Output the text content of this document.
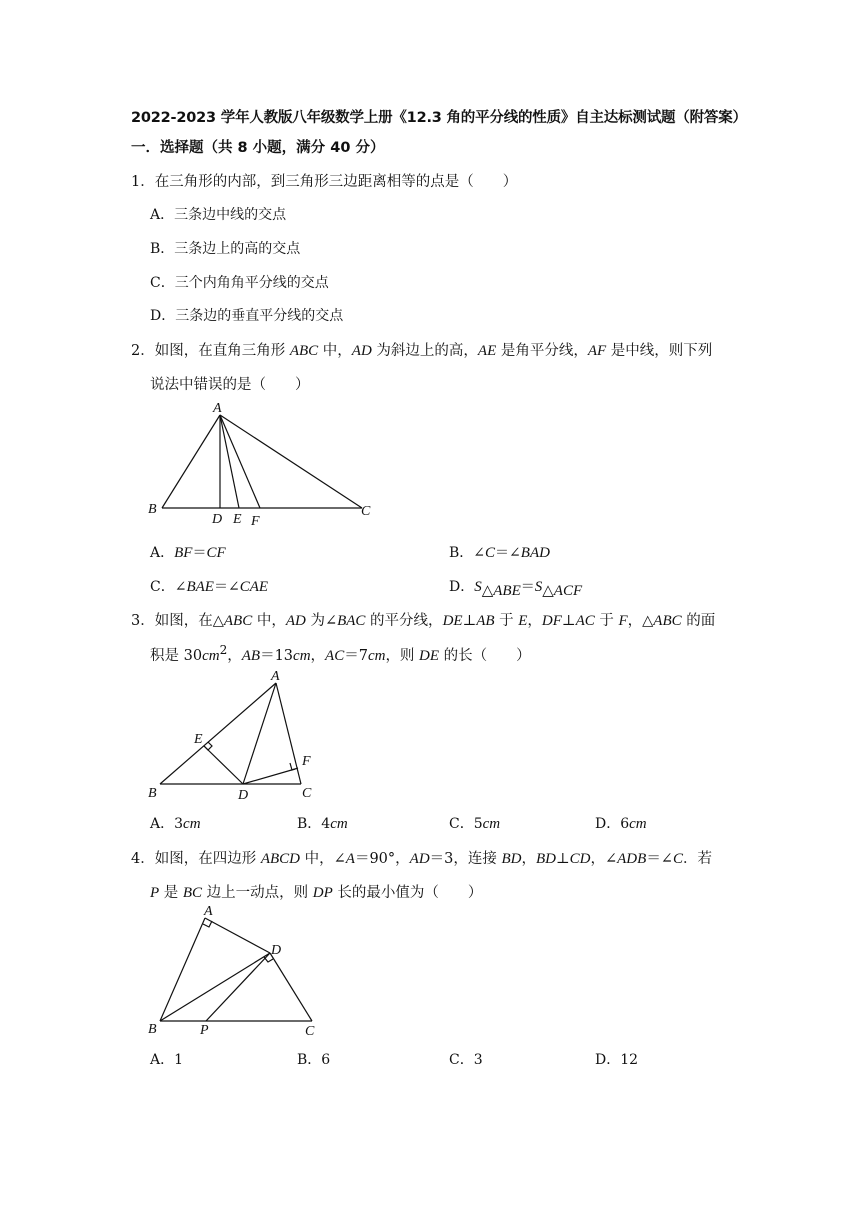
2022-2023 学年人教版八年级数学上册《12.3 角的平分线的性质》自主达标测试题（附答案）
一．选择题（共 8 小题，满分 40 分）
1．在三角形的内部，到三角形三边距离相等的点是（　　）
A．三条边中线的交点
B．三条边上的高的交点
C．三个内角角平分线的交点
D．三条边的垂直平分线的交点
2．如图，在直角三角形 ABC 中，AD 为斜边上的高，AE 是角平分线，AF 是中线，则下列
说法中错误的是（　　）
A
B
D E F
C
A．BF＝CF	B．∠C＝∠BAD
C．∠BAE＝∠CAE	D．$S_{\triangle ABE}=S_{\triangle ACF}$
3．如图，在△ABC 中，AD 为∠BAC 的平分线，DE⊥AB 于 E，DF⊥AC 于 F，△ABC 的面
积是 $30cm^2$，AB＝13cm，AC＝7cm，则 DE 的长（　　）
A
E
F
B	D	C
A．3cm	B．4cm	C．5cm	D．6cm
4．如图，在四边形 ABCD 中，∠A＝90°，AD＝3，连接 BD，BD⊥CD，∠ADB＝∠C．若
P 是 BC 边上一动点，则 DP 长的最小值为（　　）
A
D
B	P	C
A．1	B．6	C．3	D．12
